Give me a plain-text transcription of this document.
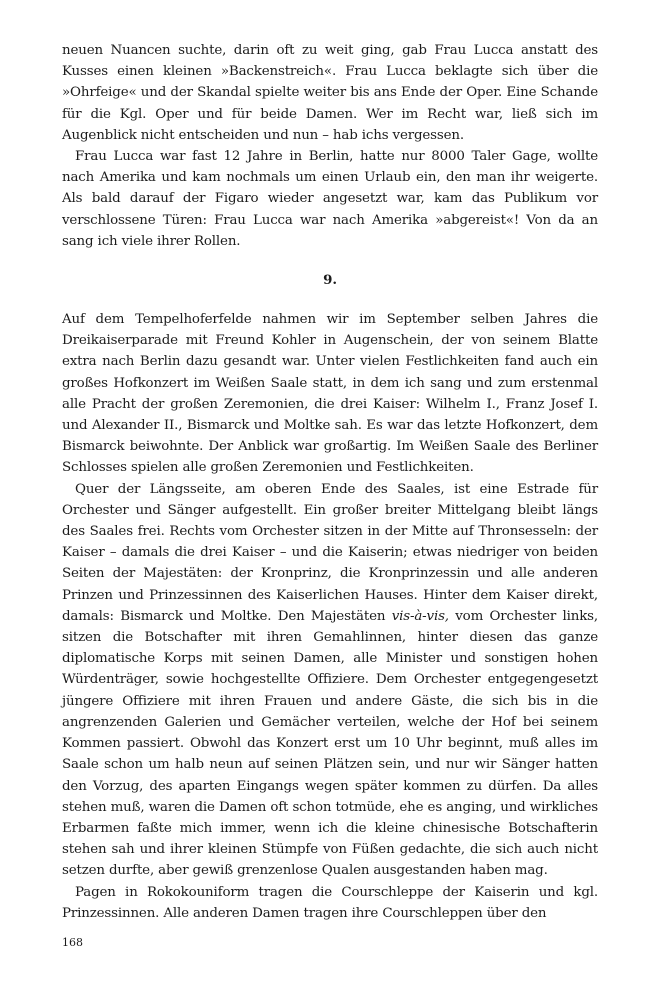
neuen Nuancen suchte, darin oft zu weit ging, gab Frau Lucca anstatt des Kusses einen kleinen »Backenstreich«. Frau Lucca beklagte sich über die »Ohrfeige« und der Skandal spielte weiter bis ans Ende der Oper. Eine Schande für die Kgl. Oper und für beide Damen. Wer im Recht war, ließ sich im Augenblick nicht entscheiden und nun – hab ichs vergessen.

Frau Lucca war fast 12 Jahre in Berlin, hatte nur 8000 Taler Gage, wollte nach Amerika und kam nochmals um einen Urlaub ein, den man ihr weigerte. Als bald darauf der Figaro wieder angesetzt war, kam das Publikum vor verschlossene Türen: Frau Lucca war nach Amerika »abgereist«! Von da an sang ich viele ihrer Rollen.

9.

Auf dem Tempelhoferfelde nahmen wir im September selben Jahres die Dreikaiserparade mit Freund Kohler in Augenschein, der von seinem Blatte extra nach Berlin dazu gesandt war. Unter vielen Festlichkeiten fand auch ein großes Hofkonzert im Weißen Saale statt, in dem ich sang und zum erstenmal alle Pracht der großen Zeremonien, die drei Kaiser: Wilhelm I., Franz Josef I. und Alexander II., Bismarck und Moltke sah. Es war das letzte Hofkonzert, dem Bismarck beiwohnte. Der Anblick war großartig. Im Weißen Saale des Berliner Schlosses spielen alle großen Zeremonien und Festlichkeiten.

Quer der Längsseite, am oberen Ende des Saales, ist eine Estrade für Orchester und Sänger aufgestellt. Ein großer breiter Mittelgang bleibt längs des Saales frei. Rechts vom Orchester sitzen in der Mitte auf Thronsesseln: der Kaiser – damals die drei Kaiser – und die Kaiserin; etwas niedriger von beiden Seiten der Majestäten: der Kronprinz, die Kronprinzessin und alle anderen Prinzen und Prinzessinnen des Kaiserlichen Hauses. Hinter dem Kaiser direkt, damals: Bismarck und Moltke. Den Majestäten vis-à-vis, vom Orchester links, sitzen die Botschafter mit ihren Gemahlinnen, hinter diesen das ganze diplomatische Korps mit seinen Damen, alle Minister und sonstigen hohen Würdenträger, sowie hochgestellte Offiziere. Dem Orchester entgegengesetzt jüngere Offiziere mit ihren Frauen und andere Gäste, die sich bis in die angrenzenden Galerien und Gemächer verteilen, welche der Hof bei seinem Kommen passiert. Obwohl das Konzert erst um 10 Uhr beginnt, muß alles im Saale schon um halb neun auf seinen Plätzen sein, und nur wir Sänger hatten den Vorzug, des aparten Eingangs wegen später kommen zu dürfen. Da alles stehen muß, waren die Damen oft schon totmüde, ehe es anging, und wirkliches Erbarmen faßte mich immer, wenn ich die kleine chinesische Botschafterin stehen sah und ihrer kleinen Stümpfe von Füßen gedachte, die sich auch nicht setzen durfte, aber gewiß grenzenlose Qualen ausgestanden haben mag.

Pagen in Rokokouniform tragen die Courschleppe der Kaiserin und kgl. Prinzessinnen. Alle anderen Damen tragen ihre Courschleppen über den

168
